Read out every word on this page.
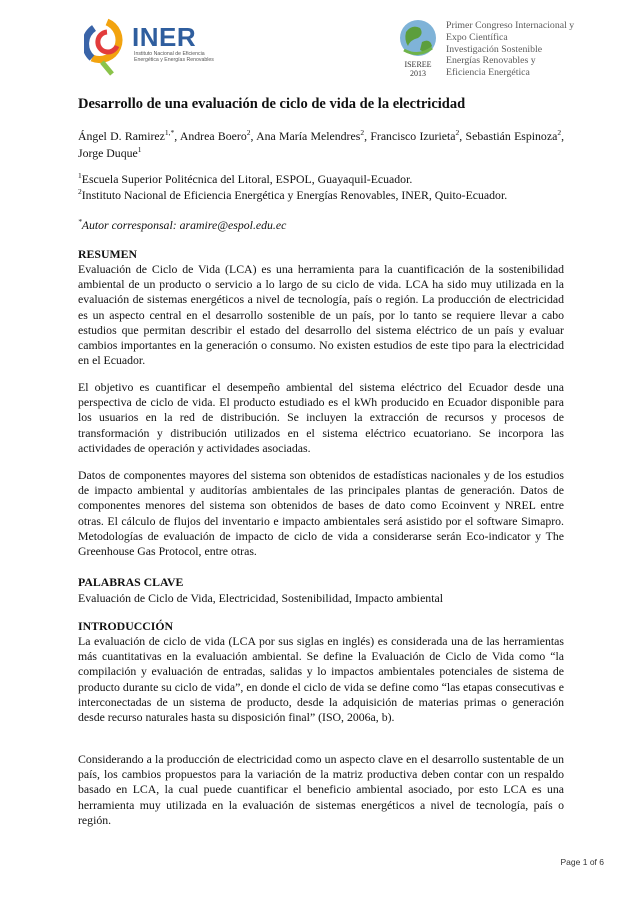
INER
Instituto Nacional de Eficiencia Energética y Energías Renovables	ISEREE
2013
Primer Congreso Internacional y
Expo Científica
Investigación Sostenible
Energías Renovables y
Eficiencia Energética
Desarrollo de una evaluación de ciclo de vida de la electricidad
Ángel D. Ramirez$^{1,*}$, Andrea Boero$^2$, Ana María Melendres$^2$, Francisco Izurieta$^2$, Sebastián Espinoza$^2$, Jorge Duque$^1$
$^1$Escuela Superior Politécnica del Litoral, ESPOL, Guayaquil-Ecuador.
$^2$Instituto Nacional de Eficiencia Energética y Energías Renovables, INER, Quito-Ecuador.
*Autor corresponsal: aramire@espol.edu.ec
RESUMEN
Evaluación de Ciclo de Vida (LCA) es una herramienta para la cuantificación de la sostenibilidad ambiental de un producto o servicio a lo largo de su ciclo de vida. LCA ha sido muy utilizada en la evaluación de sistemas energéticos a nivel de tecnología, país o región. La producción de electricidad es un aspecto central en el desarrollo sostenible de un país, por lo tanto se requiere llevar a cabo estudios que permitan describir el estado del desarrollo del sistema eléctrico de un país y evaluar cambios importantes en la generación o consumo. No existen estudios de este tipo para la electricidad en el Ecuador.
El objetivo es cuantificar el desempeño ambiental del sistema eléctrico del Ecuador desde una perspectiva de ciclo de vida. El producto estudiado es el kWh producido en Ecuador disponible para los usuarios en la red de distribución. Se incluyen la extracción de recursos y procesos de transformación y distribución utilizados en el sistema eléctrico ecuatoriano. Se incorpora las actividades de operación y actividades asociadas.
Datos de componentes mayores del sistema son obtenidos de estadísticas nacionales y de los estudios de impacto ambiental y auditorías ambientales de las principales plantas de generación. Datos de componentes menores del sistema son obtenidos de bases de dato como Ecoinvent y NREL entre otras. El cálculo de flujos del inventario e impacto ambientales será asistido por el software Simapro. Metodologías de evaluación de impacto de ciclo de vida a considerarse serán Eco-indicator y The Greenhouse Gas Protocol, entre otras.
PALABRAS CLAVE
Evaluación de Ciclo de Vida, Electricidad, Sostenibilidad, Impacto ambiental
INTRODUCCIÓN
La evaluación de ciclo de vida (LCA por sus siglas en inglés) es considerada una de las herramientas más cuantitativas en la evaluación ambiental. Se define la Evaluación de Ciclo de Vida como “la compilación y evaluación de entradas, salidas y lo impactos ambientales potenciales de sistema de producto durante su ciclo de vida”, en donde el ciclo de vida se define como “las etapas consecutivas e interconectadas de un sistema de producto, desde la adquisición de materias primas o generación desde recurso naturales hasta su disposición final” (ISO, 2006a, b).
Considerando a la producción de electricidad como un aspecto clave en el desarrollo sustentable de un país, los cambios propuestos para la variación de la matriz productiva deben contar con un respaldo basado en LCA, la cual puede cuantificar el beneficio ambiental asociado, por esto LCA es una herramienta muy utilizada en la evaluación de sistemas energéticos a nivel de tecnología, país o región.
Page 1 of 6
